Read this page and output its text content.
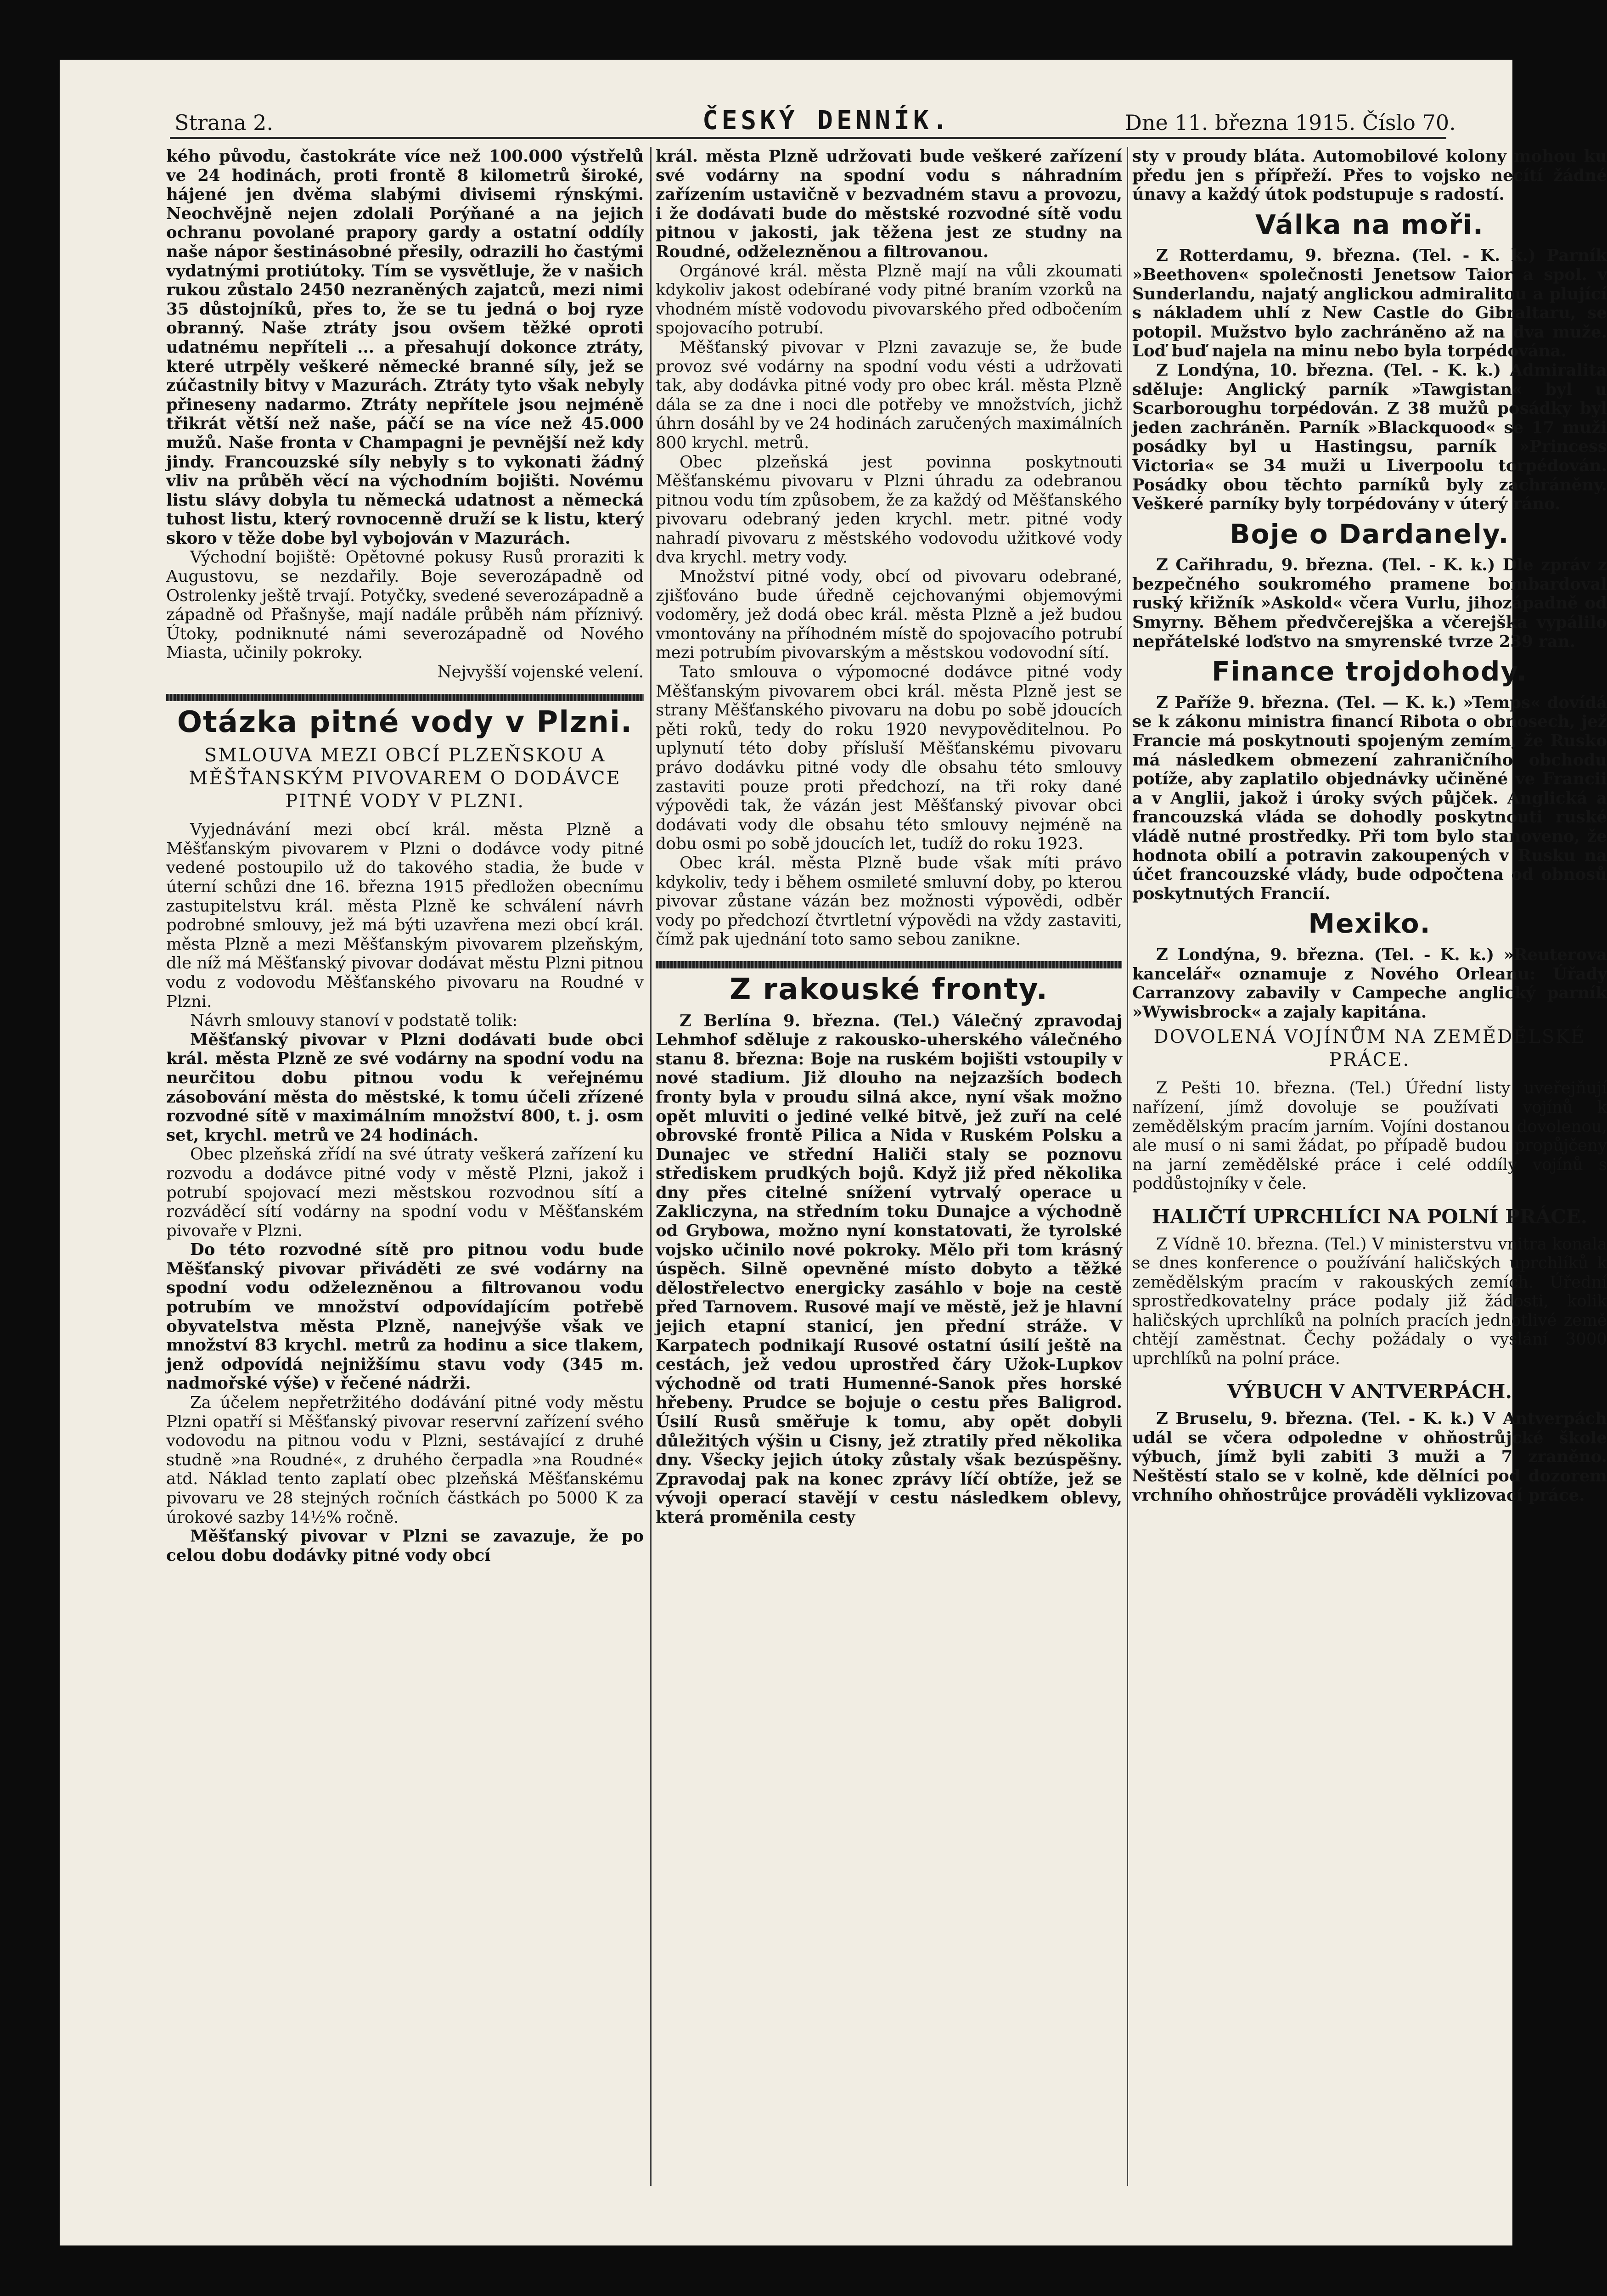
Strana 2.	ČESKÝ DENNÍK.	Dne 11. března 1915. Číslo 70.

kého původu, častokráte více než 100.000 výstřelů ve 24 hodinách, proti frontě 8 kilometrů široké, hájené jen dvěma slabými divisemi rýnskými. Neochvějně nejen zdolali Porýňané a na jejich ochranu povolané prapory gardy a ostatní oddíly naše nápor šestinásobné přesily, odrazili ho častými vydatnými protiútoky. Tím se vysvětluje, že v našich rukou zůstalo 2450 nezraněných zajatců, mezi nimi 35 důstojníků, přes to, že se tu jedná o boj ryze obranný. Naše ztráty jsou ovšem těžké oproti udatnému nepříteli ... a přesahují dokonce ztráty, které utrpěly veškeré německé branné síly, jež se zúčastnily bitvy v Mazurách. Ztráty tyto však nebyly přineseny nadarmo. Ztráty nepřítele jsou nejméně třikrát větší než naše, páčí se na více než 45.000 mužů. Naše fronta v Champagni je pevnější než kdy jindy. Francouzské síly nebyly s to vykonati žádný vliv na průběh věcí na východním bojišti. Novému listu slávy dobyla tu německá udatnost a německá tuhost listu, který rovnocenně druží se k listu, který skoro v těže dobe byl vybojován v Mazurách.

Východní bojiště: Opětovné pokusy Rusů proraziti k Augustovu, se nezdařily. Boje severozápadně od Ostrolenky ještě trvají. Potyčky, svedené severozápadně a západně od Přašnyše, mají nadále průběh nám příznivý. Útoky, podniknuté námi severozápadně od Nového Miasta, učinily pokroky.

Nejvyšší vojenské velení.

Otázka pitné vody v Plzni.
SMLOUVA MEZI OBCÍ PLZEŇSKOU A MĚŠŤANSKÝM PIVOVAREM O DODÁVCE PITNÉ VODY V PLZNI.

Vyjednávání mezi obcí král. města Plzně a Měšťanským pivovarem v Plzni o dodávce vody pitné vedené postoupilo už do takového stadia, že bude v úterní schůzi dne 16. března 1915 předložen obecnímu zastupitelstvu král. města Plzně ke schválení návrh podrobné smlouvy, jež má býti uzavřena mezi obcí král. města Plzně a mezi Měšťanským pivovarem plzeňským, dle níž má Měšťanský pivovar dodávat městu Plzni pitnou vodu z vodovodu Měšťanského pivovaru na Roudné v Plzni.

Návrh smlouvy stanoví v podstatě tolik:

Měšťanský pivovar v Plzni dodávati bude obci král. města Plzně ze své vodárny na spodní vodu na neurčitou dobu pitnou vodu k veřejnému zásobování města do městské, k tomu účeli zřízené rozvodné sítě v maximálním množství 800, t. j. osm set, krychl. metrů ve 24 hodinách.

Obec plzeňská zřídí na své útraty veškerá zařízení ku rozvodu a dodávce pitné vody v městě Plzni, jakož i potrubí spojovací mezi městskou rozvodnou sítí a rozváděcí sítí vodárny na spodní vodu v Měšťanském pivovaře v Plzni.

Do této rozvodné sítě pro pitnou vodu bude Měšťanský pivovar přiváděti ze své vodárny na spodní vodu odželezněnou a filtrovanou vodu potrubím ve množství odpovídajícím potřebě obyvatelstva města Plzně, nanejvýše však ve množství 83 krychl. metrů za hodinu a sice tlakem, jenž odpovídá nejnižšímu stavu vody (345 m. nadmořské výše) v řečené nádrži.

Za účelem nepřetržitého dodávání pitné vody městu Plzni opatří si Měšťanský pivovar reservní zařízení svého vodovodu na pitnou vodu v Plzni, sestávající z druhé studně »na Roudné«, z druhého čerpadla »na Roudné« atd. Náklad tento zaplatí obec plzeňská Měšťanskému pivovaru ve 28 stejných ročních částkách po 5000 K za úrokové sazby 14½% ročně.

Měšťanský pivovar v Plzni se zavazuje, že po celou dobu dodávky pitné vody obcí

král. města Plzně udržovati bude veškeré zařízení své vodárny na spodní vodu s náhradním zařízením ustavičně v bezvadném stavu a provozu, i že dodávati bude do městské rozvodné sítě vodu pitnou v jakosti, jak těžena jest ze studny na Roudné, odželezněnou a filtrovanou.

Orgánové král. města Plzně mají na vůli zkoumati kdykoliv jakost odebírané vody pitné braním vzorků na vhodném místě vodovodu pivovarského před odbočením spojovacího potrubí.

Měšťanský pivovar v Plzni zavazuje se, že bude provoz své vodárny na spodní vodu vésti a udržovati tak, aby dodávka pitné vody pro obec král. města Plzně dála se za dne i noci dle potřeby ve množstvích, jichž úhrn dosáhl by ve 24 hodinách zaručených maximálních 800 krychl. metrů.

Obec plzeňská jest povinna poskytnouti Měšťanskému pivovaru v Plzni úhradu za odebranou pitnou vodu tím způsobem, že za každý od Měšťanského pivovaru odebraný jeden krychl. metr. pitné vody nahradí pivovaru z městského vodovodu užitkové vody dva krychl. metry vody.

Množství pitné vody, obcí od pivovaru odebrané, zjišťováno bude úředně cejchovanými objemovými vodoměry, jež dodá obec král. města Plzně a jež budou vmontovány na příhodném místě do spojovacího potrubí mezi potrubím pivovarským a městskou vodovodní sítí.

Tato smlouva o výpomocné dodávce pitné vody Měšťanským pivovarem obci král. města Plzně jest se strany Měšťanského pivovaru na dobu po sobě jdoucích pěti roků, tedy do roku 1920 nevypověditelnou. Po uplynutí této doby přísluší Měšťanskému pivovaru právo dodávku pitné vody dle obsahu této smlouvy zastaviti pouze proti předchozí, na tři roky dané výpovědi tak, že vázán jest Měšťanský pivovar obci dodávati vody dle obsahu této smlouvy nejméně na dobu osmi po sobě jdoucích let, tudíž do roku 1923.

Obec král. města Plzně bude však míti právo kdykoliv, tedy i během osmileté smluvní doby, po kterou pivovar zůstane vázán bez možnosti výpovědi, odběr vody po předchozí čtvrtletní výpovědi na vždy zastaviti, čímž pak ujednání toto samo sebou zanikne.

Z rakouské fronty.

Z Berlína 9. března. (Tel.) Válečný zpravodaj Lehmhof sděluje z rakousko-uherského válečného stanu 8. března: Boje na ruském bojišti vstoupily v nové stadium. Již dlouho na nejzazších bodech fronty byla v proudu silná akce, nyní však možno opět mluviti o jediné velké bitvě, jež zuří na celé obrovské frontě Pilica a Nida v Ruském Polsku a Dunajec ve střední Haliči staly se poznovu střediskem prudkých bojů. Když již před několika dny přes citelné snížení vytrvalý operace u Zakliczyna, na středním toku Dunajce a východně od Grybowa, možno nyní konstatovati, že tyrolské vojsko učinilo nové pokroky. Mělo při tom krásný úspěch. Silně opevněné místo dobyto a těžké dělostřelectvo energicky zasáhlo v boje na cestě před Tarnovem. Rusové mají ve městě, jež je hlavní jejich etapní stanicí, jen přední stráže. V Karpatech podnikají Rusové ostatní úsilí ještě na cestách, jež vedou uprostřed čáry Užok-Lupkov východně od trati Humenné-Sanok přes horské hřebeny. Prudce se bojuje o cestu přes Baligrod. Úsilí Rusů směřuje k tomu, aby opět dobyli důležitých výšin u Cisny, jež ztratily před několika dny. Všecky jejich útoky zůstaly však bezúspěšny. Zpravodaj pak na konec zprávy líčí obtíže, jež se vývoji operací stavějí v cestu následkem oblevy, která proměnila cesty

sty v proudy bláta. Automobilové kolony mohou ku předu jen s přípřeží. Přes to vojsko necítí žádné únavy a každý útok podstupuje s radostí.

Válka na moři.

Z Rotterdamu, 9. března. (Tel. - K. k.) Parník »Beethoven« společnosti Jenetsow Taior a spol. v Sunderlandu, najatý anglickou admiralitou a plující s nákladem uhlí z New Castle do Gibraltaru, se potopil. Mužstvo bylo zachráněno až na dva muže. Loď buď najela na minu nebo byla torpédována.

Z Londýna, 10. března. (Tel. - K. k.) Admiralita sděluje: Anglický parník »Tawgistan« byl u Scarboroughu torpédován. Z 38 mužů posádky byl jeden zachráněn. Parník »Blackquood« se 17 muži posádky byl u Hastingsu, parník »Princess Victoria« se 34 muži u Liverpoolu torpédován. Posádky obou těchto parníků byly zachráněny. Veškeré parníky byly torpédovány v úterý ráno.

Boje o Dardanely.

Z Cařihradu, 9. března. (Tel. - K. k.) Dle zpráv z bezpečného soukromého pramene bombardoval ruský křižník »Askold« včera Vurlu, jihozápadně od Smyrny. Během předvčerejška a včerejška vypálilo nepřátelské loďstvo na smyrenské tvrze 239 ran.

Finance trojdohody.

Z Paříže 9. března. (Tel. — K. k.) »Temps« dovídá se k zákonu ministra financí Ribota o obnosech, jež Francie má poskytnouti spojeným zemím, že Rusko má následkem obmezení zahraničního obchodu potíže, aby zaplatilo objednávky učiněné ve Francii a v Anglii, jakož i úroky svých půjček. Anglická a francouzská vláda se dohodly poskytnouti ruské vládě nutné prostředky. Při tom bylo stanoveno, že hodnota obilí a potravin zakoupených v Rusku na účet francouzské vlády, bude odpočtena od obnosů poskytnutých Francií.

Mexiko.

Z Londýna, 9. března. (Tel. - K. k.) »Reuterova kancelář« oznamuje z Nového Orleanu: Úřady Carranzovy zabavily v Campeche anglický parník »Wywisbrock« a zajaly kapitána.

DOVOLENÁ VOJÍNŮM NA ZEMĚDĚLSKÉ PRÁCE.

Z Pešti 10. března. (Tel.) Úřední listy uveřejňují nařízení, jímž dovoluje se používati vojínů k zemědělským pracím jarním. Vojíni dostanou dovolenou, ale musí o ni sami žádat, po případě budou propůjčeny na jarní zemědělské práce i celé oddíly vojínů s poddůstojníky v čele.

HALIČTÍ UPRCHLÍCI NA POLNÍ PRÁCE.

Z Vídně 10. března. (Tel.) V ministerstvu vnitra konala se dnes konference o používání haličských uprchlíků k zemědělským pracím v rakouských zemích. Úřední sprostředkovatelny práce podaly již žádosti, kolik haličských uprchlíků na polních pracích jednotlivé země chtějí zaměstnat. Čechy požádaly o vyslání 3000 uprchlíků na polní práce.

VÝBUCH V ANTVERPÁCH.

Z Bruselu, 9. března. (Tel. - K. k.) V Antverpách udál se včera odpoledne v ohňostrůjcké škole výbuch, jímž byli zabiti 3 muži a 7 zraněno. Neštěstí stalo se v kolně, kde dělníci pod dozorem vrchního ohňostrůjce prováděli vyklizovací práce.
